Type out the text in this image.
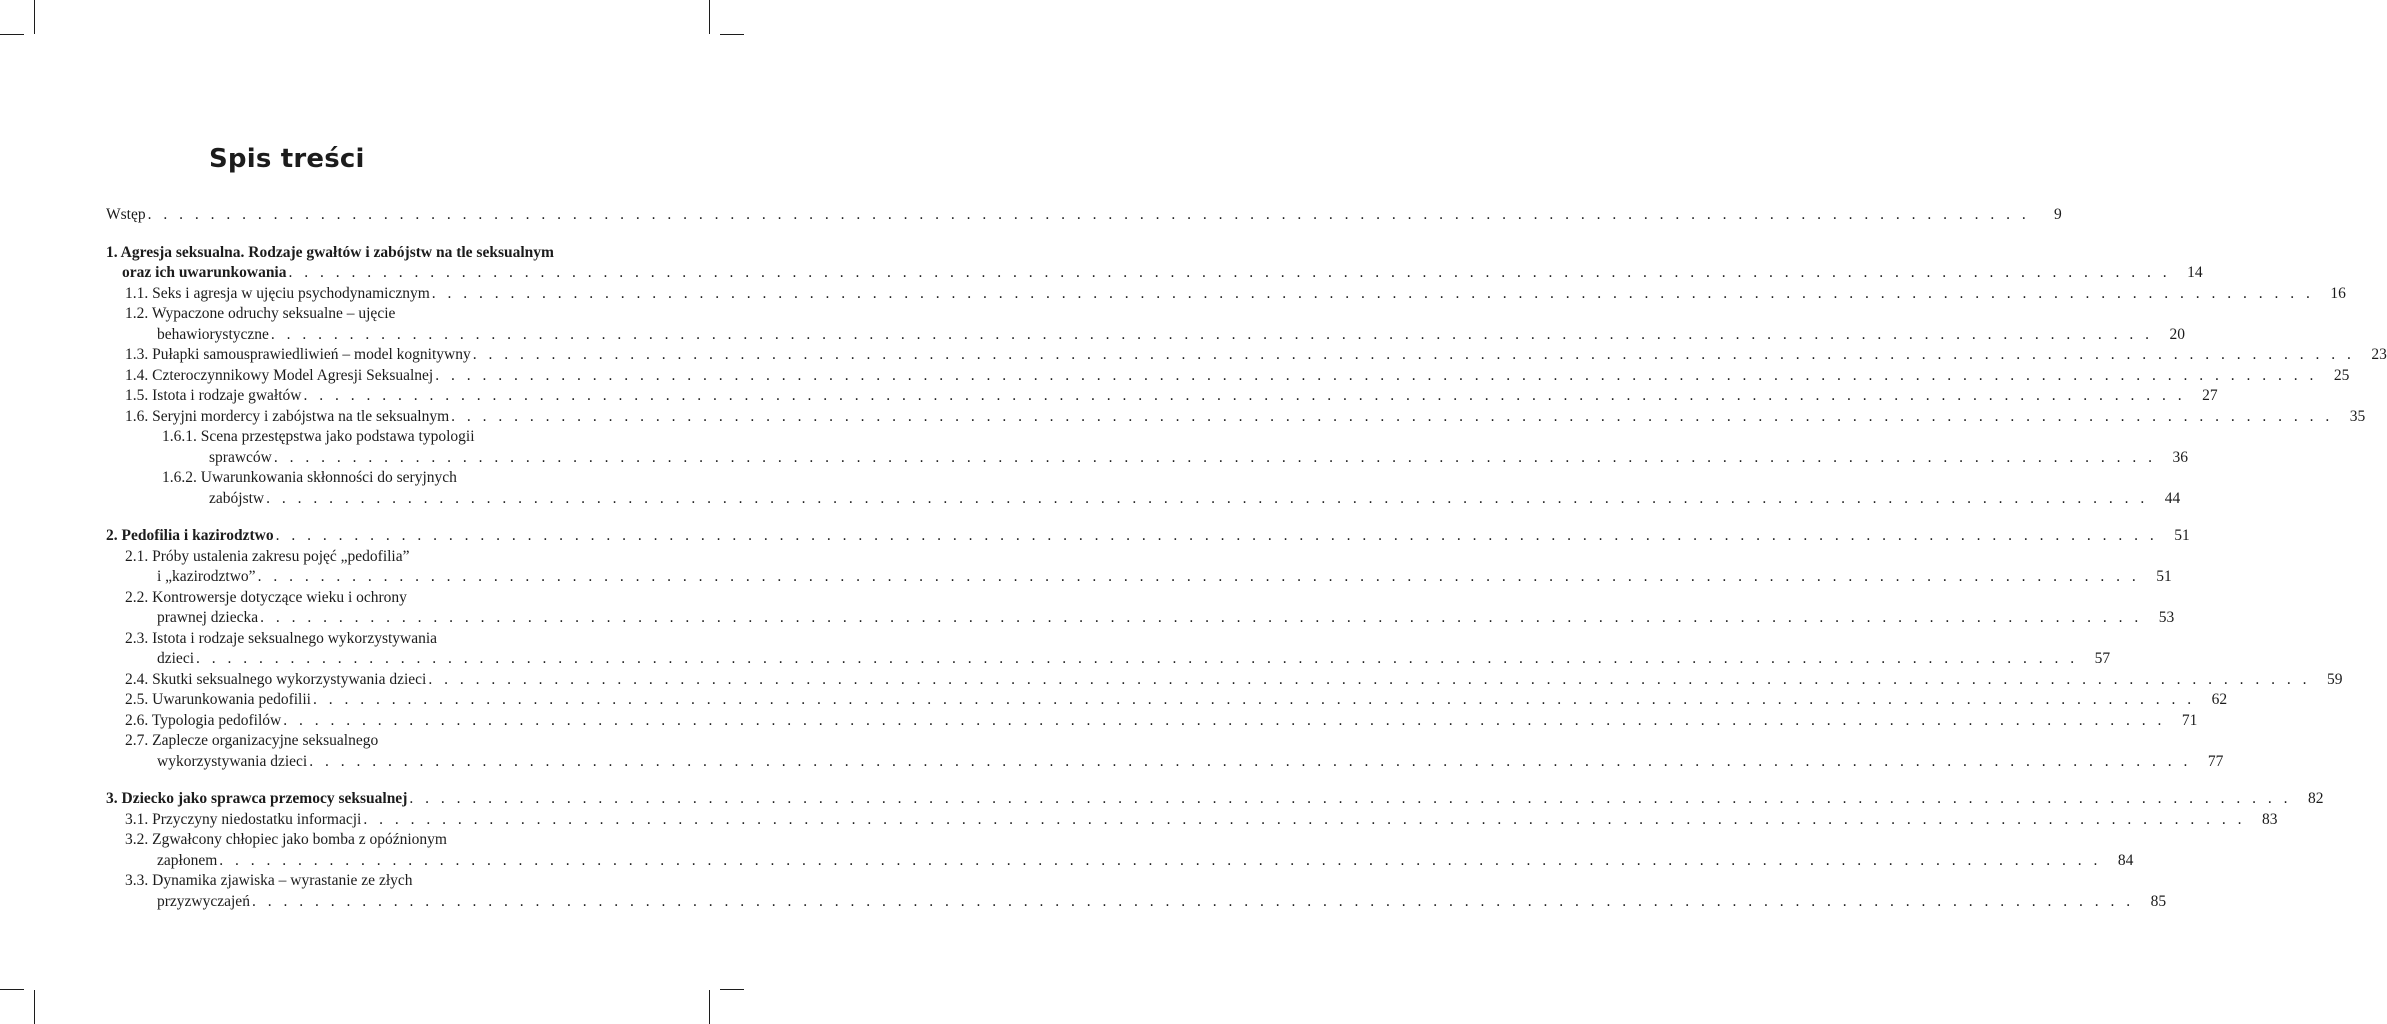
Spis treści
Wstęp . . . . . . . . . . . . . . . . . . . . . . . . . . . . . . . . . . . . . . . . . . . . . . . . . . . . . . . . . . . . . . . . . . . . . . . . . . . . . . . . . . . . . . . . . . . . . . . . . . . . . . . . . . . . . . . . . . . . . . . .	9
1. Agresja seksualna. Rodzaje gwałtów i zabójstw na tle seksualnym
oraz ich uwarunkowania . . . . . . . . . . . . . . . . . . . . . . . . . . . . . . . . . . . . . . . . . . . . . . . . . . . . . . . . . . . . . . . . . . . . . . . . . . . . . . . . . . . . . . . . . . . . . . . . . . . . . . . . . . . . . . . . . . . . . . . .	14
1.1. Seks i agresja w ujęciu psychodynamicznym . . . . . . . . . . . . . . . . . . . . . . . . . . . . . . . . . . . . . . . . . . . . . . . . . . . . . . . . . . . . . . . . . . . . . . . . . . . . . . . . . . . . . . . . . . . . . . . . . . . . . . . . . . . . . . . . . . . . . . . .	16
1.2. Wypaczone odruchy seksualne – ujęcie
behawiorystyczne . . . . . . . . . . . . . . . . . . . . . . . . . . . . . . . . . . . . . . . . . . . . . . . . . . . . . . . . . . . . . . . . . . . . . . . . . . . . . . . . . . . . . . . . . . . . . . . . . . . . . . . . . . . . . . . . . . . . . . . .	20
1.3. Pułapki samousprawiedliwień – model kognitywny . . . . . . . . . . . . . . . . . . . . . . . . . . . . . . . . . . . . . . . . . . . . . . . . . . . . . . . . . . . . . . . . . . . . . . . . . . . . . . . . . . . . . . . . . . . . . . . . . . . . . . . . . . . . . . . . . . . . . . . .	23
1.4. Czteroczynnikowy Model Agresji Seksualnej . . . . . . . . . . . . . . . . . . . . . . . . . . . . . . . . . . . . . . . . . . . . . . . . . . . . . . . . . . . . . . . . . . . . . . . . . . . . . . . . . . . . . . . . . . . . . . . . . . . . . . . . . . . . . . . . . . . . . . . .	25
1.5. Istota i rodzaje gwałtów . . . . . . . . . . . . . . . . . . . . . . . . . . . . . . . . . . . . . . . . . . . . . . . . . . . . . . . . . . . . . . . . . . . . . . . . . . . . . . . . . . . . . . . . . . . . . . . . . . . . . . . . . . . . . . . . . . . . . . . .	27
1.6. Seryjni mordercy i zabójstwa na tle seksualnym . . . . . . . . . . . . . . . . . . . . . . . . . . . . . . . . . . . . . . . . . . . . . . . . . . . . . . . . . . . . . . . . . . . . . . . . . . . . . . . . . . . . . . . . . . . . . . . . . . . . . . . . . . . . . . . . . . . . . . . .	35
1.6.1. Scena przestępstwa jako podstawa typologii
sprawców . . . . . . . . . . . . . . . . . . . . . . . . . . . . . . . . . . . . . . . . . . . . . . . . . . . . . . . . . . . . . . . . . . . . . . . . . . . . . . . . . . . . . . . . . . . . . . . . . . . . . . . . . . . . . . . . . . . . . . . .	36
1.6.2. Uwarunkowania skłonności do seryjnych
zabójstw . . . . . . . . . . . . . . . . . . . . . . . . . . . . . . . . . . . . . . . . . . . . . . . . . . . . . . . . . . . . . . . . . . . . . . . . . . . . . . . . . . . . . . . . . . . . . . . . . . . . . . . . . . . . . . . . . . . . . . . .	44
2. Pedofilia i kazirodztwo . . . . . . . . . . . . . . . . . . . . . . . . . . . . . . . . . . . . . . . . . . . . . . . . . . . . . . . . . . . . . . . . . . . . . . . . . . . . . . . . . . . . . . . . . . . . . . . . . . . . . . . . . . . . . . . . . . . . . . . .	51
2.1. Próby ustalenia zakresu pojęć „pedofilia”
i „kazirodztwo” . . . . . . . . . . . . . . . . . . . . . . . . . . . . . . . . . . . . . . . . . . . . . . . . . . . . . . . . . . . . . . . . . . . . . . . . . . . . . . . . . . . . . . . . . . . . . . . . . . . . . . . . . . . . . . . . . . . . . . . .	51
2.2. Kontrowersje dotyczące wieku i ochrony
prawnej dziecka . . . . . . . . . . . . . . . . . . . . . . . . . . . . . . . . . . . . . . . . . . . . . . . . . . . . . . . . . . . . . . . . . . . . . . . . . . . . . . . . . . . . . . . . . . . . . . . . . . . . . . . . . . . . . . . . . . . . . . . .	53
2.3. Istota i rodzaje seksualnego wykorzystywania
dzieci . . . . . . . . . . . . . . . . . . . . . . . . . . . . . . . . . . . . . . . . . . . . . . . . . . . . . . . . . . . . . . . . . . . . . . . . . . . . . . . . . . . . . . . . . . . . . . . . . . . . . . . . . . . . . . . . . . . . . . . .	57
2.4. Skutki seksualnego wykorzystywania dzieci . . . . . . . . . . . . . . . . . . . . . . . . . . . . . . . . . . . . . . . . . . . . . . . . . . . . . . . . . . . . . . . . . . . . . . . . . . . . . . . . . . . . . . . . . . . . . . . . . . . . . . . . . . . . . . . . . . . . . . . .	59
2.5. Uwarunkowania pedofilii . . . . . . . . . . . . . . . . . . . . . . . . . . . . . . . . . . . . . . . . . . . . . . . . . . . . . . . . . . . . . . . . . . . . . . . . . . . . . . . . . . . . . . . . . . . . . . . . . . . . . . . . . . . . . . . . . . . . . . . .	62
2.6. Typologia pedofilów . . . . . . . . . . . . . . . . . . . . . . . . . . . . . . . . . . . . . . . . . . . . . . . . . . . . . . . . . . . . . . . . . . . . . . . . . . . . . . . . . . . . . . . . . . . . . . . . . . . . . . . . . . . . . . . . . . . . . . . .	71
2.7. Zaplecze organizacyjne seksualnego
wykorzystywania dzieci . . . . . . . . . . . . . . . . . . . . . . . . . . . . . . . . . . . . . . . . . . . . . . . . . . . . . . . . . . . . . . . . . . . . . . . . . . . . . . . . . . . . . . . . . . . . . . . . . . . . . . . . . . . . . . . . . . . . . . . .	77
3. Dziecko jako sprawca przemocy seksualnej . . . . . . . . . . . . . . . . . . . . . . . . . . . . . . . . . . . . . . . . . . . . . . . . . . . . . . . . . . . . . . . . . . . . . . . . . . . . . . . . . . . . . . . . . . . . . . . . . . . . . . . . . . . . . . . . . . . . . . . .	82
3.1. Przyczyny niedostatku informacji . . . . . . . . . . . . . . . . . . . . . . . . . . . . . . . . . . . . . . . . . . . . . . . . . . . . . . . . . . . . . . . . . . . . . . . . . . . . . . . . . . . . . . . . . . . . . . . . . . . . . . . . . . . . . . . . . . . . . . . .	83
3.2. Zgwałcony chłopiec jako bomba z opóźnionym
zapłonem . . . . . . . . . . . . . . . . . . . . . . . . . . . . . . . . . . . . . . . . . . . . . . . . . . . . . . . . . . . . . . . . . . . . . . . . . . . . . . . . . . . . . . . . . . . . . . . . . . . . . . . . . . . . . . . . . . . . . . . .	84
3.3. Dynamika zjawiska – wyrastanie ze złych
przyzwyczajeń . . . . . . . . . . . . . . . . . . . . . . . . . . . . . . . . . . . . . . . . . . . . . . . . . . . . . . . . . . . . . . . . . . . . . . . . . . . . . . . . . . . . . . . . . . . . . . . . . . . . . . . . . . . . . . . . . . . . . . . .	85
